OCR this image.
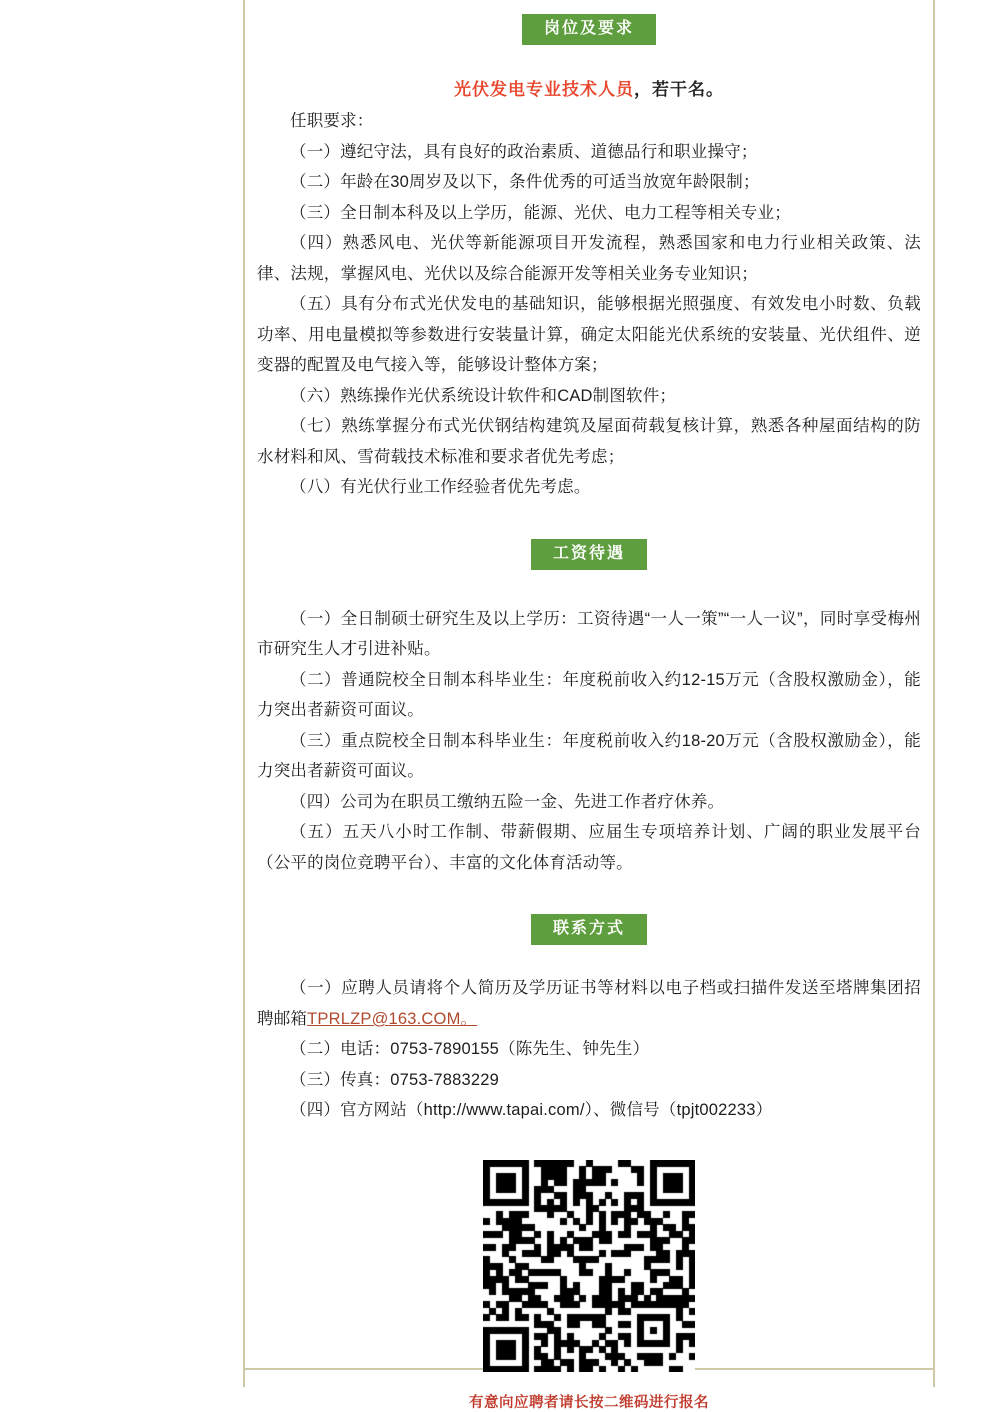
岗位及要求
光伏发电专业技术人员，若干名。

任职要求：

（一）遵纪守法，具有良好的政治素质、道德品行和职业操守；

（二）年龄在30周岁及以下，条件优秀的可适当放宽年龄限制；

（三）全日制本科及以上学历，能源、光伏、电力工程等相关专业；

（四）熟悉风电、光伏等新能源项目开发流程，熟悉国家和电力行业相关政策、法律、法规，掌握风电、光伏以及综合能源开发等相关业务专业知识；

（五）具有分布式光伏发电的基础知识，能够根据光照强度、有效发电小时数、负载功率、用电量模拟等参数进行安装量计算，确定太阳能光伏系统的安装量、光伏组件、逆变器的配置及电气接入等，能够设计整体方案；

（六）熟练操作光伏系统设计软件和CAD制图软件；

（七）熟练掌握分布式光伏钢结构建筑及屋面荷载复核计算，熟悉各种屋面结构的防水材料和风、雪荷载技术标准和要求者优先考虑；

（八）有光伏行业工作经验者优先考虑。

工资待遇

（一）全日制硕士研究生及以上学历：工资待遇“一人一策”“一人一议”，同时享受梅州市研究生人才引进补贴。

（二）普通院校全日制本科毕业生：年度税前收入约12-15万元（含股权激励金），能力突出者薪资可面议。

（三）重点院校全日制本科毕业生：年度税前收入约18-20万元（含股权激励金），能力突出者薪资可面议。

（四）公司为在职员工缴纳五险一金、先进工作者疗休养。

（五）五天八小时工作制、带薪假期、应届生专项培养计划、广阔的职业发展平台（公平的岗位竞聘平台）、丰富的文化体育活动等。

联系方式

（一）应聘人员请将个人简历及学历证书等材料以电子档或扫描件发送至塔牌集团招聘邮箱TPRLZP@163.COM。

（二）电话：0753-7890155（陈先生、钟先生）

（三）传真：0753-7883229

（四）官方网站（http://www.tapai.com/）、微信号（tpjt002233）

有意向应聘者请长按二维码进行报名
